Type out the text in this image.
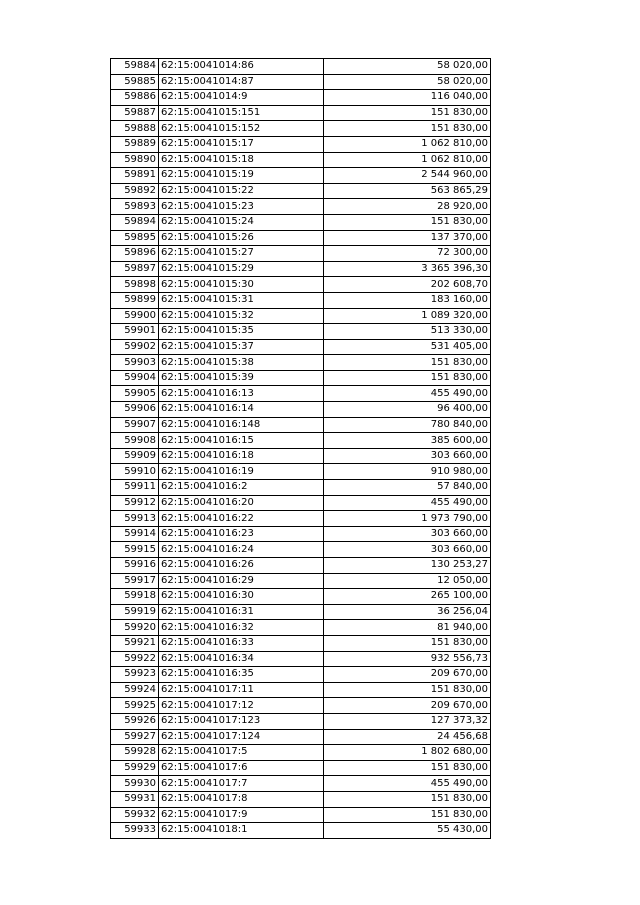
59884	62:15:0041014:86	58 020,00
59885	62:15:0041014:87	58 020,00
59886	62:15:0041014:9	116 040,00
59887	62:15:0041015:151	151 830,00
59888	62:15:0041015:152	151 830,00
59889	62:15:0041015:17	1 062 810,00
59890	62:15:0041015:18	1 062 810,00
59891	62:15:0041015:19	2 544 960,00
59892	62:15:0041015:22	563 865,29
59893	62:15:0041015:23	28 920,00
59894	62:15:0041015:24	151 830,00
59895	62:15:0041015:26	137 370,00
59896	62:15:0041015:27	72 300,00
59897	62:15:0041015:29	3 365 396,30
59898	62:15:0041015:30	202 608,70
59899	62:15:0041015:31	183 160,00
59900	62:15:0041015:32	1 089 320,00
59901	62:15:0041015:35	513 330,00
59902	62:15:0041015:37	531 405,00
59903	62:15:0041015:38	151 830,00
59904	62:15:0041015:39	151 830,00
59905	62:15:0041016:13	455 490,00
59906	62:15:0041016:14	96 400,00
59907	62:15:0041016:148	780 840,00
59908	62:15:0041016:15	385 600,00
59909	62:15:0041016:18	303 660,00
59910	62:15:0041016:19	910 980,00
59911	62:15:0041016:2	57 840,00
59912	62:15:0041016:20	455 490,00
59913	62:15:0041016:22	1 973 790,00
59914	62:15:0041016:23	303 660,00
59915	62:15:0041016:24	303 660,00
59916	62:15:0041016:26	130 253,27
59917	62:15:0041016:29	12 050,00
59918	62:15:0041016:30	265 100,00
59919	62:15:0041016:31	36 256,04
59920	62:15:0041016:32	81 940,00
59921	62:15:0041016:33	151 830,00
59922	62:15:0041016:34	932 556,73
59923	62:15:0041016:35	209 670,00
59924	62:15:0041017:11	151 830,00
59925	62:15:0041017:12	209 670,00
59926	62:15:0041017:123	127 373,32
59927	62:15:0041017:124	24 456,68
59928	62:15:0041017:5	1 802 680,00
59929	62:15:0041017:6	151 830,00
59930	62:15:0041017:7	455 490,00
59931	62:15:0041017:8	151 830,00
59932	62:15:0041017:9	151 830,00
59933	62:15:0041018:1	55 430,00
